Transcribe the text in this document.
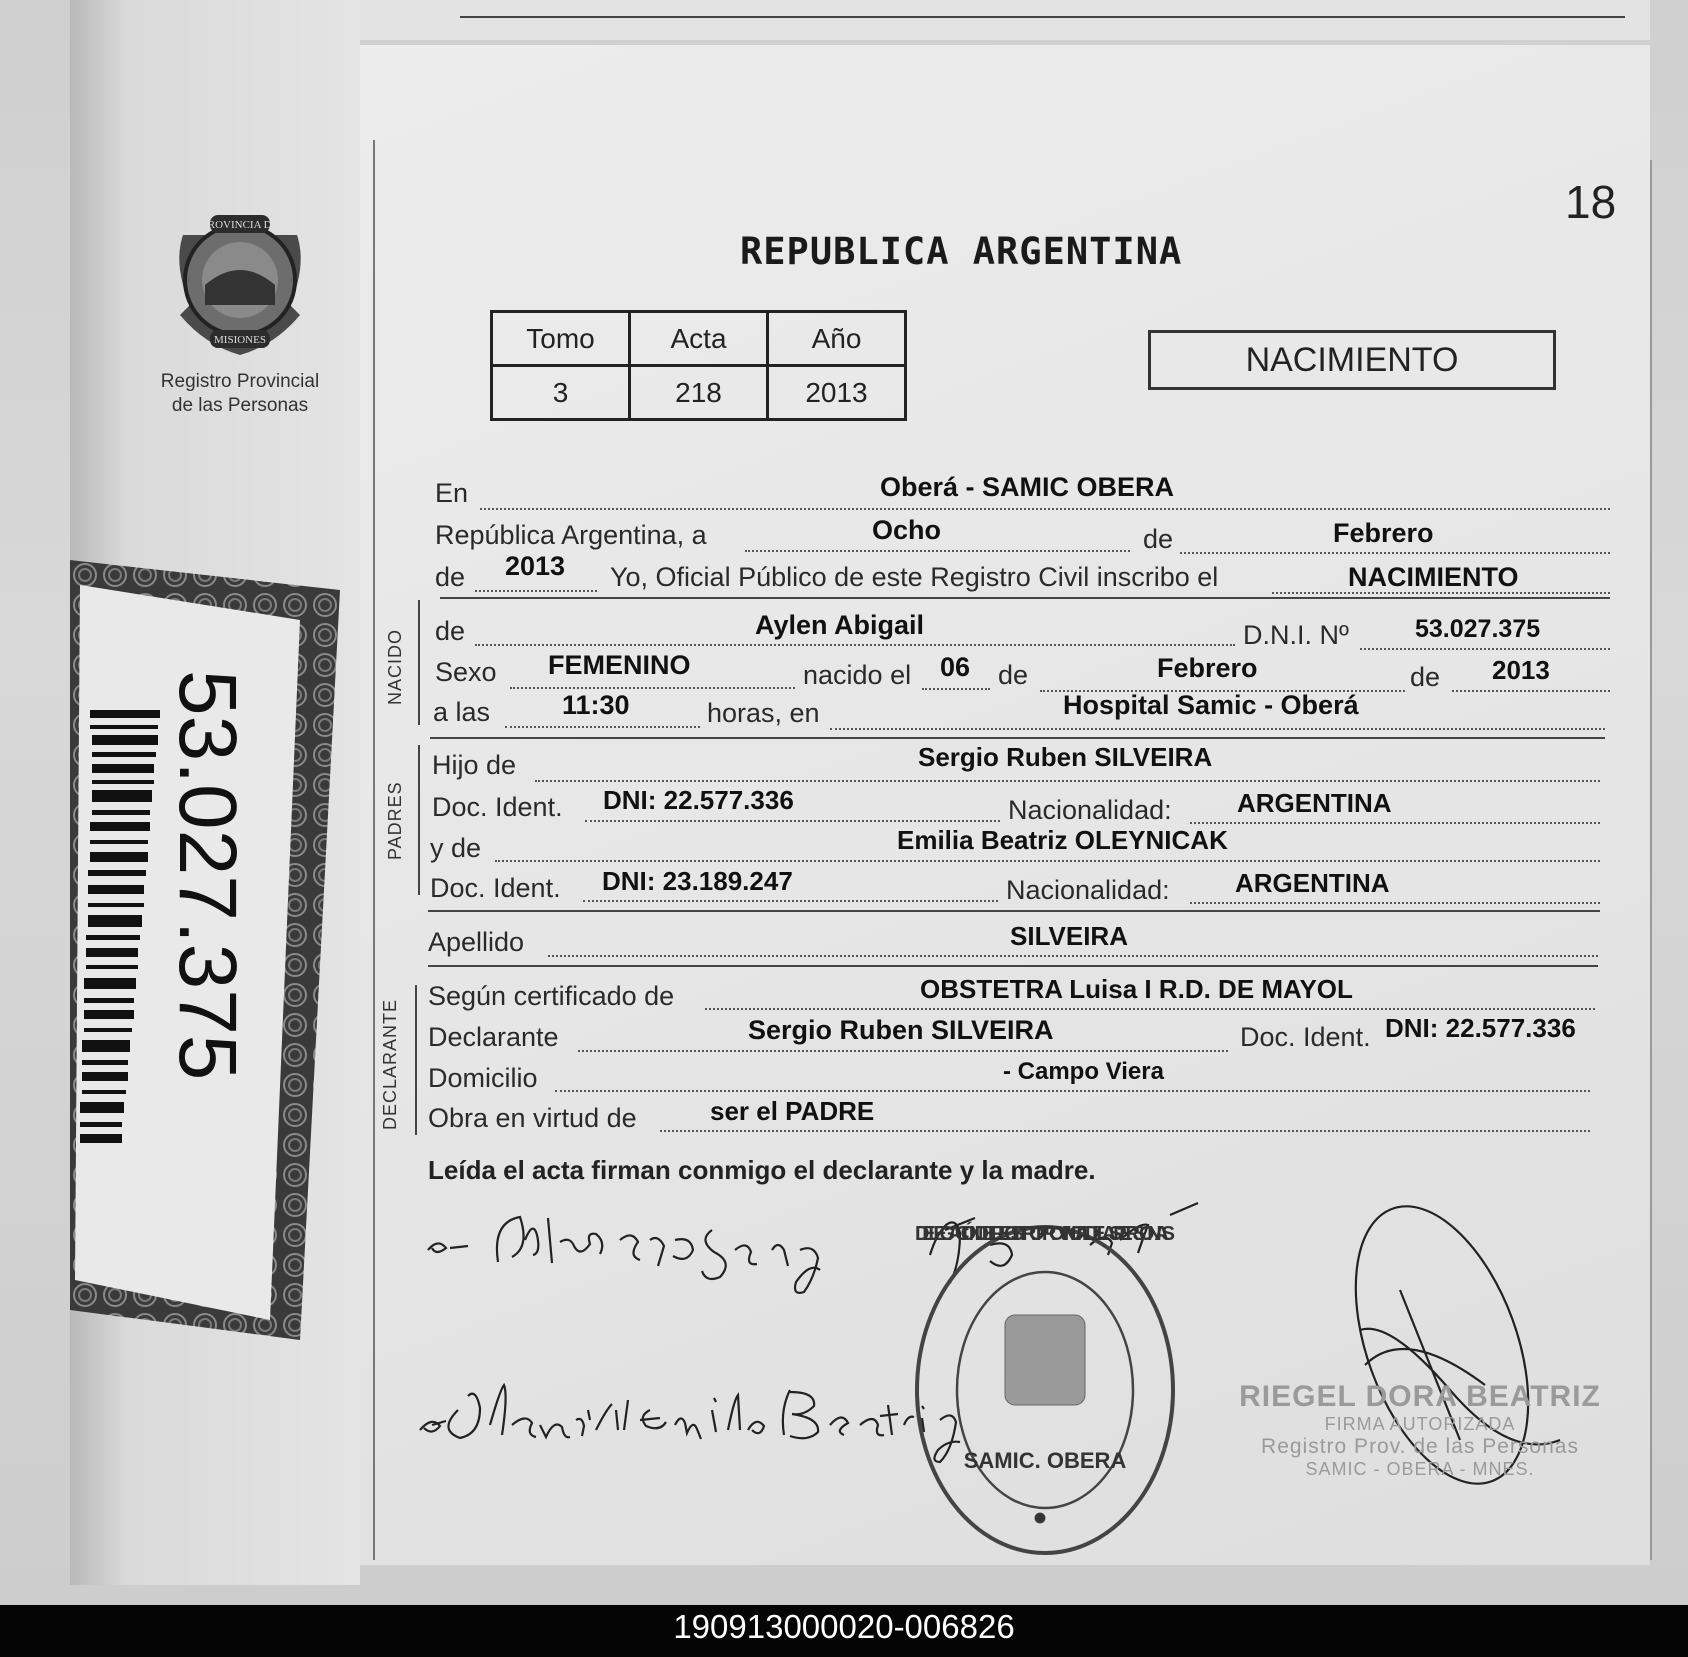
18
PROVINCIA DE
MISIONES
Registro Provincial
de las Personas
REPUBLICA ARGENTINA
Tomo	Acta	Año
3	218	2013
NACIMIENTO
NACIDO
PADRES
DECLARANTE
En	Oberá - SAMIC OBERA
República Argentina, a	Ocho	de	Febrero
de 2013 Yo, Oficial Público de este Registro Civil inscribo el	NACIMIENTO
de	Aylen Abigail	D.N.I. Nº	53.027.375
Sexo FEMENINO	nacido el 06 de	Febrero	de 2013
a las	11:30	horas, en	Hospital Samic - Oberá
Hijo de	Sergio Ruben SILVEIRA
Doc. Ident. DNI: 22.577.336	Nacionalidad:	ARGENTINA
y de	Emilia Beatriz OLEYNICAK
Doc. Ident. DNI: 23.189.247	Nacionalidad:	ARGENTINA
Apellido	SILVEIRA
Según certificado de	OBSTETRA Luisa I R.D. DE MAYOL
Declarante	Sergio Ruben SILVEIRA	Doc. Ident. DNI: 22.577.336
Domicilio	- Campo Viera
Obra en virtud de	ser el PADRE
Leída el acta firman conmigo el declarante y la madre.
DELEGACIÓN DEL REGISTRO PROVINCIAL DE LAS PERSONAS
SAMIC. OBERA
RIEGEL DORA BEATRIZ
FIRMA AUTORIZADA
Registro Prov. de las Personas
SAMIC - OBERA - MNES.
53.027.375
190913000020-006826
